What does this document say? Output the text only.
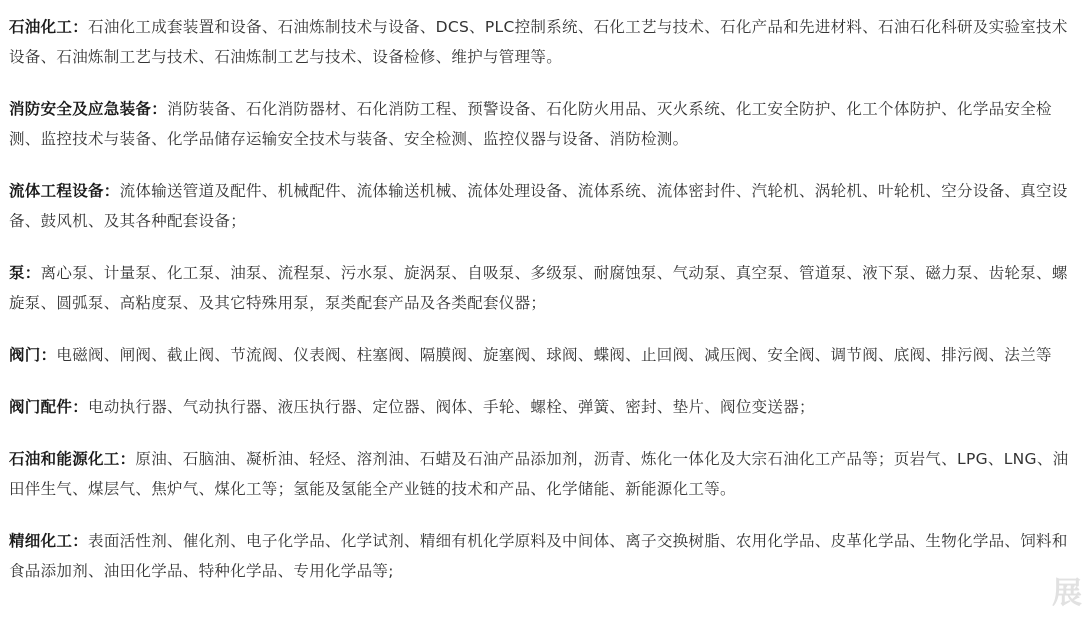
石油化工：石油化工成套装置和设备、石油炼制技术与设备、DCS、PLC控制系统、石化工艺与技术、石化产品和先进材料、石油石化科研及实验室技术设备、石油炼制工艺与技术、石油炼制工艺与技术、设备检修、维护与管理等。

消防安全及应急装备：消防装备、石化消防器材、石化消防工程、预警设备、石化防火用品、灭火系统、化工安全防护、化工个体防护、化学品安全检测、监控技术与装备、化学品储存运输安全技术与装备、安全检测、监控仪器与设备、消防检测。

流体工程设备：流体输送管道及配件、机械配件、流体输送机械、流体处理设备、流体系统、流体密封件、汽轮机、涡轮机、叶轮机、空分设备、真空设备、鼓风机、及其各种配套设备；

泵：离心泵、计量泵、化工泵、油泵、流程泵、污水泵、旋涡泵、自吸泵、多级泵、耐腐蚀泵、气动泵、真空泵、管道泵、液下泵、磁力泵、齿轮泵、螺旋泵、圆弧泵、高粘度泵、及其它特殊用泵，泵类配套产品及各类配套仪器；

阀门：电磁阀、闸阀、截止阀、节流阀、仪表阀、柱塞阀、隔膜阀、旋塞阀、球阀、蝶阀、止回阀、减压阀、安全阀、调节阀、底阀、排污阀、法兰等

阀门配件：电动执行器、气动执行器、液压执行器、定位器、阀体、手轮、螺栓、弹簧、密封、垫片、阀位变送器；

石油和能源化工：原油、石脑油、凝析油、轻烃、溶剂油、石蜡及石油产品添加剂，沥青、炼化一体化及大宗石油化工产品等；页岩气、LPG、LNG、油田伴生气、煤层气、焦炉气、煤化工等；氢能及氢能全产业链的技术和产品、化学储能、新能源化工等。

精细化工：表面活性剂、催化剂、电子化学品、化学试剂、精细有机化学原料及中间体、离子交换树脂、农用化学品、皮革化学品、生物化学品、饲料和食品添加剂、油田化学品、特种化学品、专用化学品等;

展
